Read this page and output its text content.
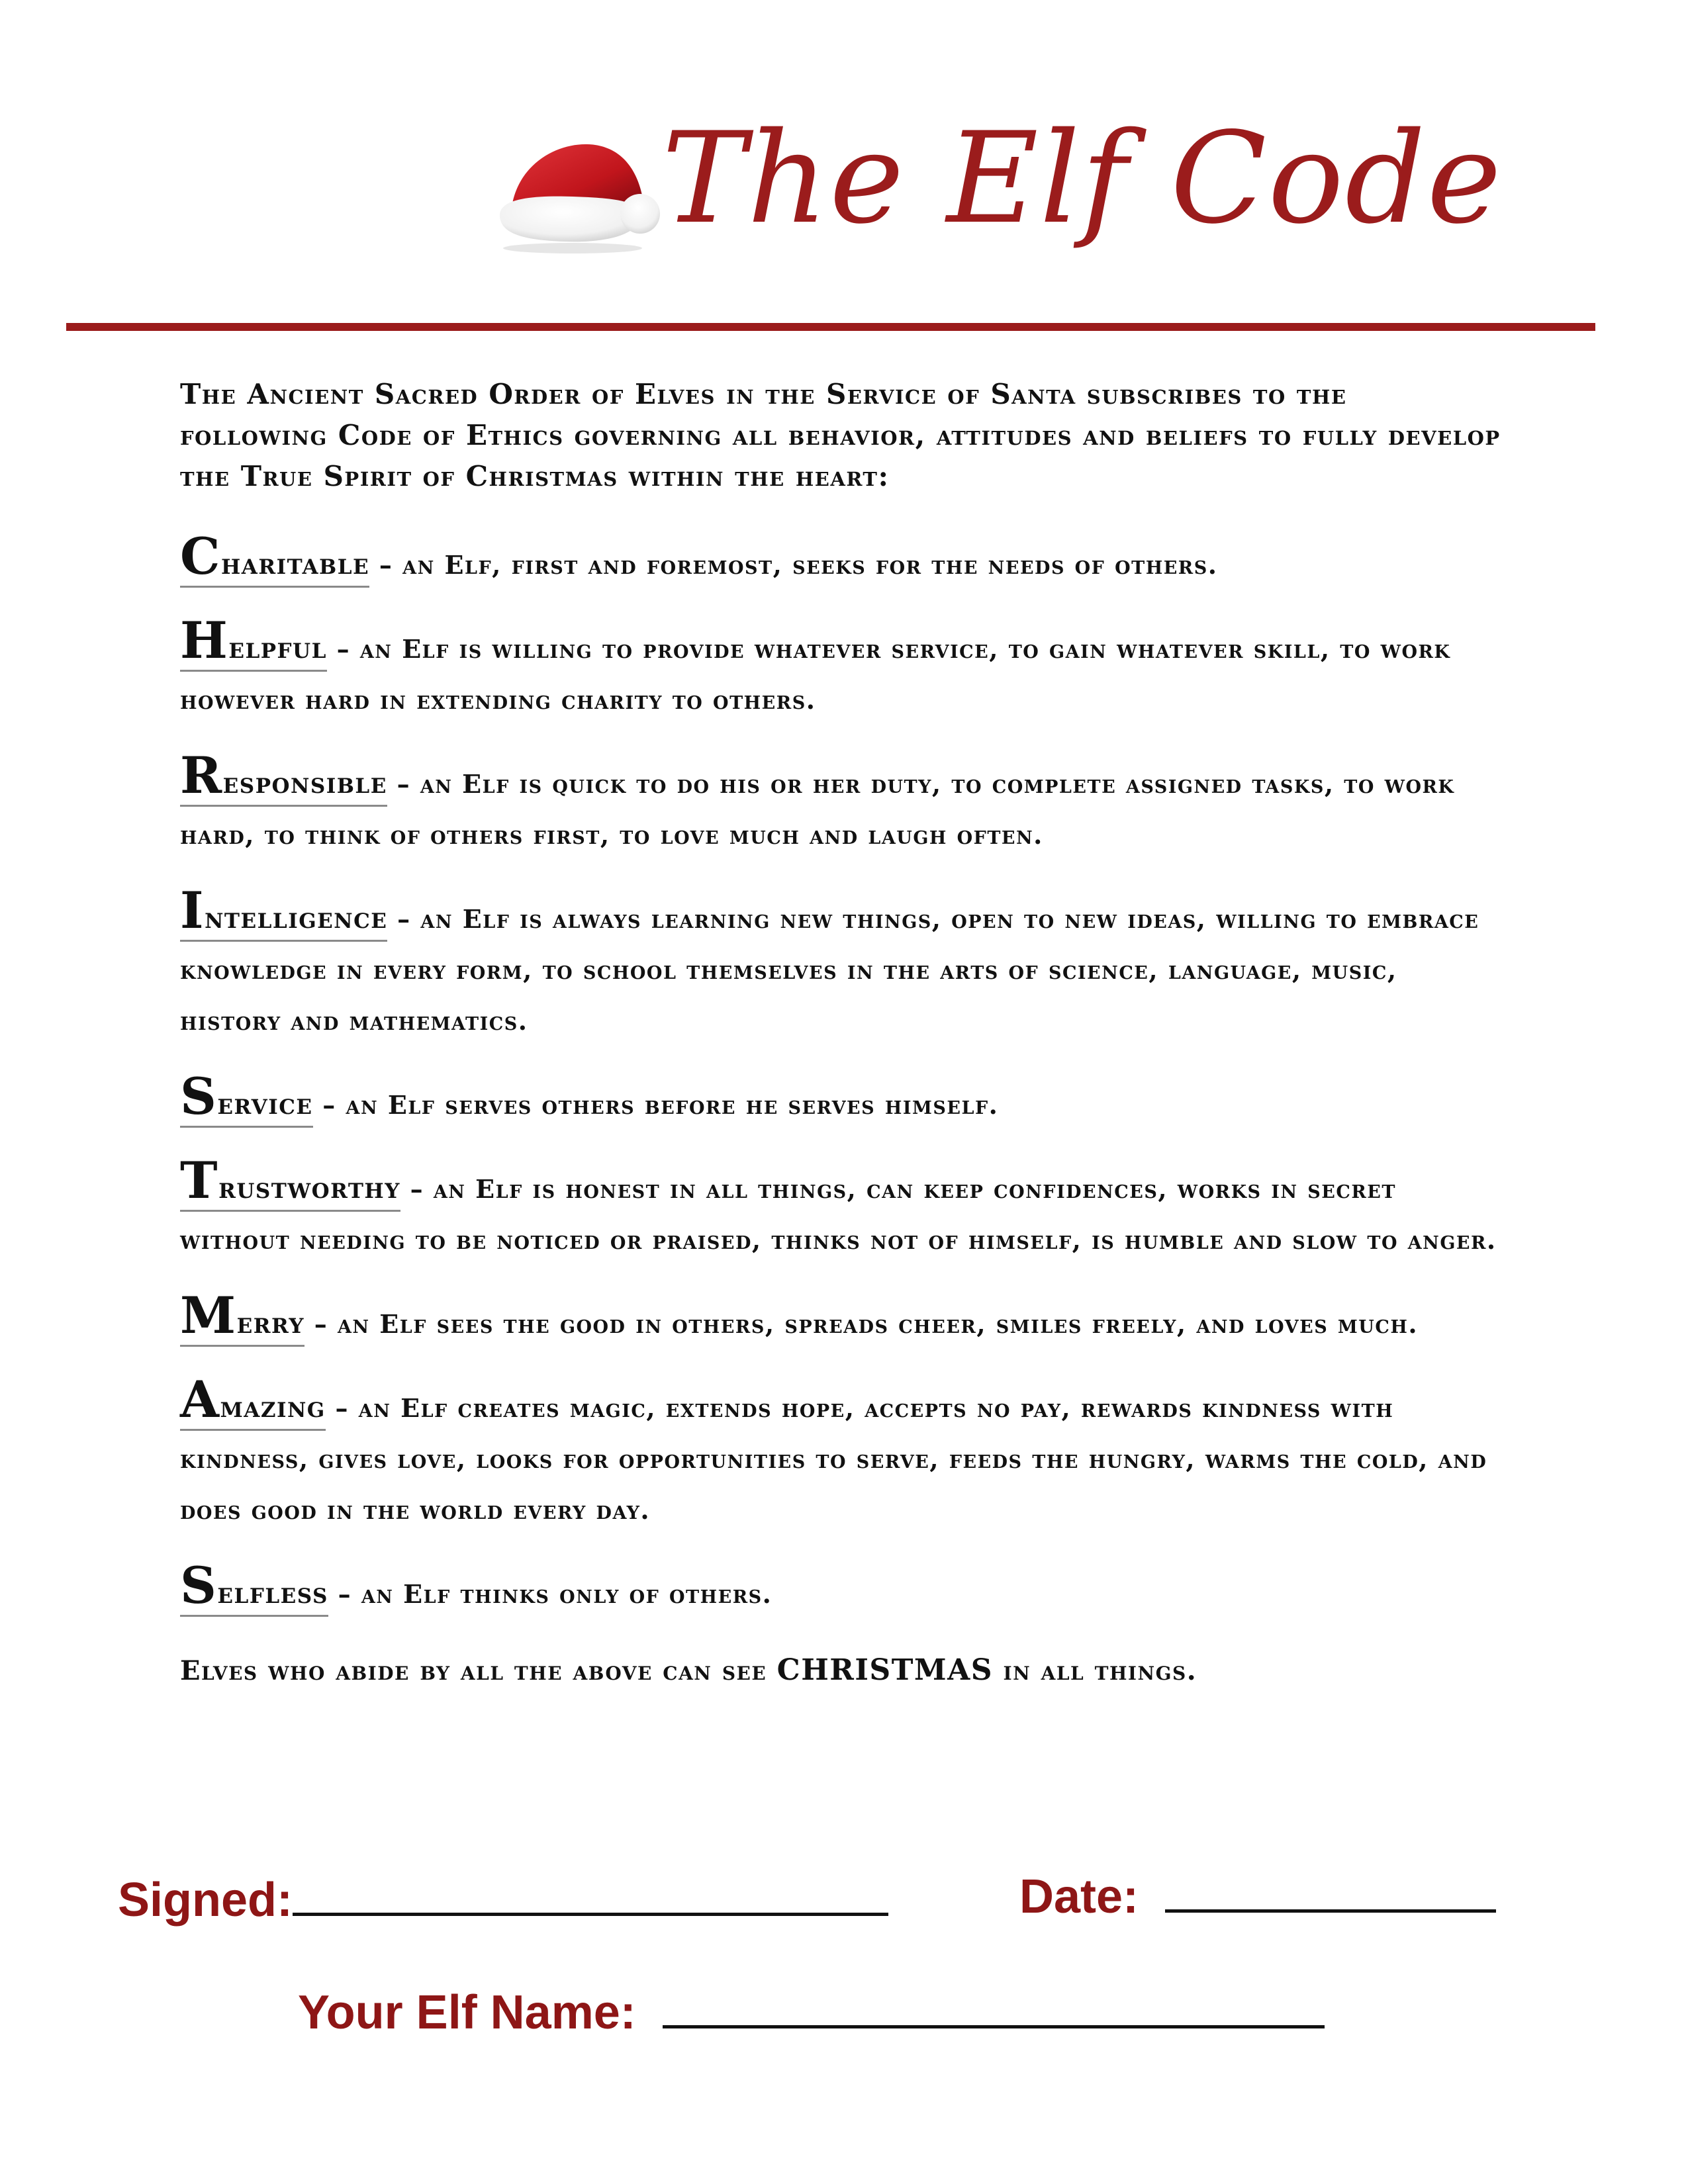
The Elf Code

The Ancient Sacred Order of Elves in the Service of Santa subscribes to the following Code of Ethics governing all behavior, attitudes and beliefs to fully develop the True Spirit of Christmas within the heart:

Charitable – an Elf, first and foremost, seeks for the needs of others.
Helpful – an Elf is willing to provide whatever service, to gain whatever skill, to work however hard in extending charity to others.
Responsible – an Elf is quick to do his or her duty, to complete assigned tasks, to work hard, to think of others first, to love much and laugh often.
Intelligence – an Elf is always learning new things, open to new ideas, willing to embrace knowledge in every form, to school themselves in the arts of science, language, music, history and mathematics.
Service – an Elf serves others before he serves himself.
Trustworthy – an Elf is honest in all things, can keep confidences, works in secret without needing to be noticed or praised, thinks not of himself, is humble and slow to anger.
Merry – an Elf sees the good in others, spreads cheer, smiles freely, and loves much.
Amazing – an Elf creates magic, extends hope, accepts no pay, rewards kindness with kindness, gives love, looks for opportunities to serve, feeds the hungry, warms the cold, and does good in the world every day.
Selfless – an Elf thinks only of others.

Elves who abide by all the above can see CHRISTMAS in all things.

Signed:	Date:
Your Elf Name:
